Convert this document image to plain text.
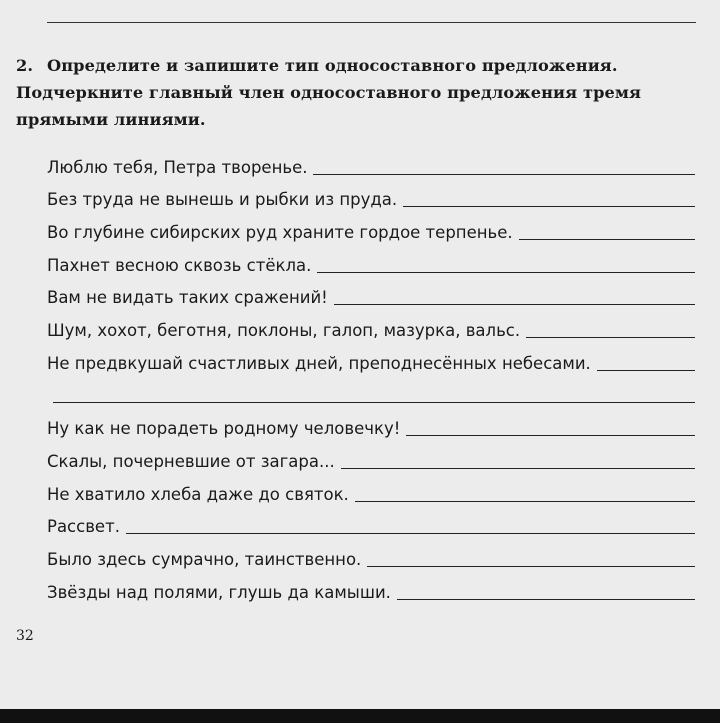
2. Определите и запишите тип односоставного предложения. Подчеркните главный член односоставного предложения тремя прямыми линиями.
Люблю тебя, Петра творенье.
Без труда не вынешь и рыбки из пруда.
Во глубине сибирских руд храните гордое терпенье.
Пахнет весною сквозь стёкла.
Вам не видать таких сражений!
Шум, хохот, беготня, поклоны, галоп, мазурка, вальс.
Не предвкушай счастливых дней, преподнесённых небесами.
Ну как не порадеть родному человечку!
Скалы, почерневшие от загара...
Не хватило хлеба даже до святок.
Рассвет.
Было здесь сумрачно, таинственно.
Звёзды над полями, глушь да камыши.
32
